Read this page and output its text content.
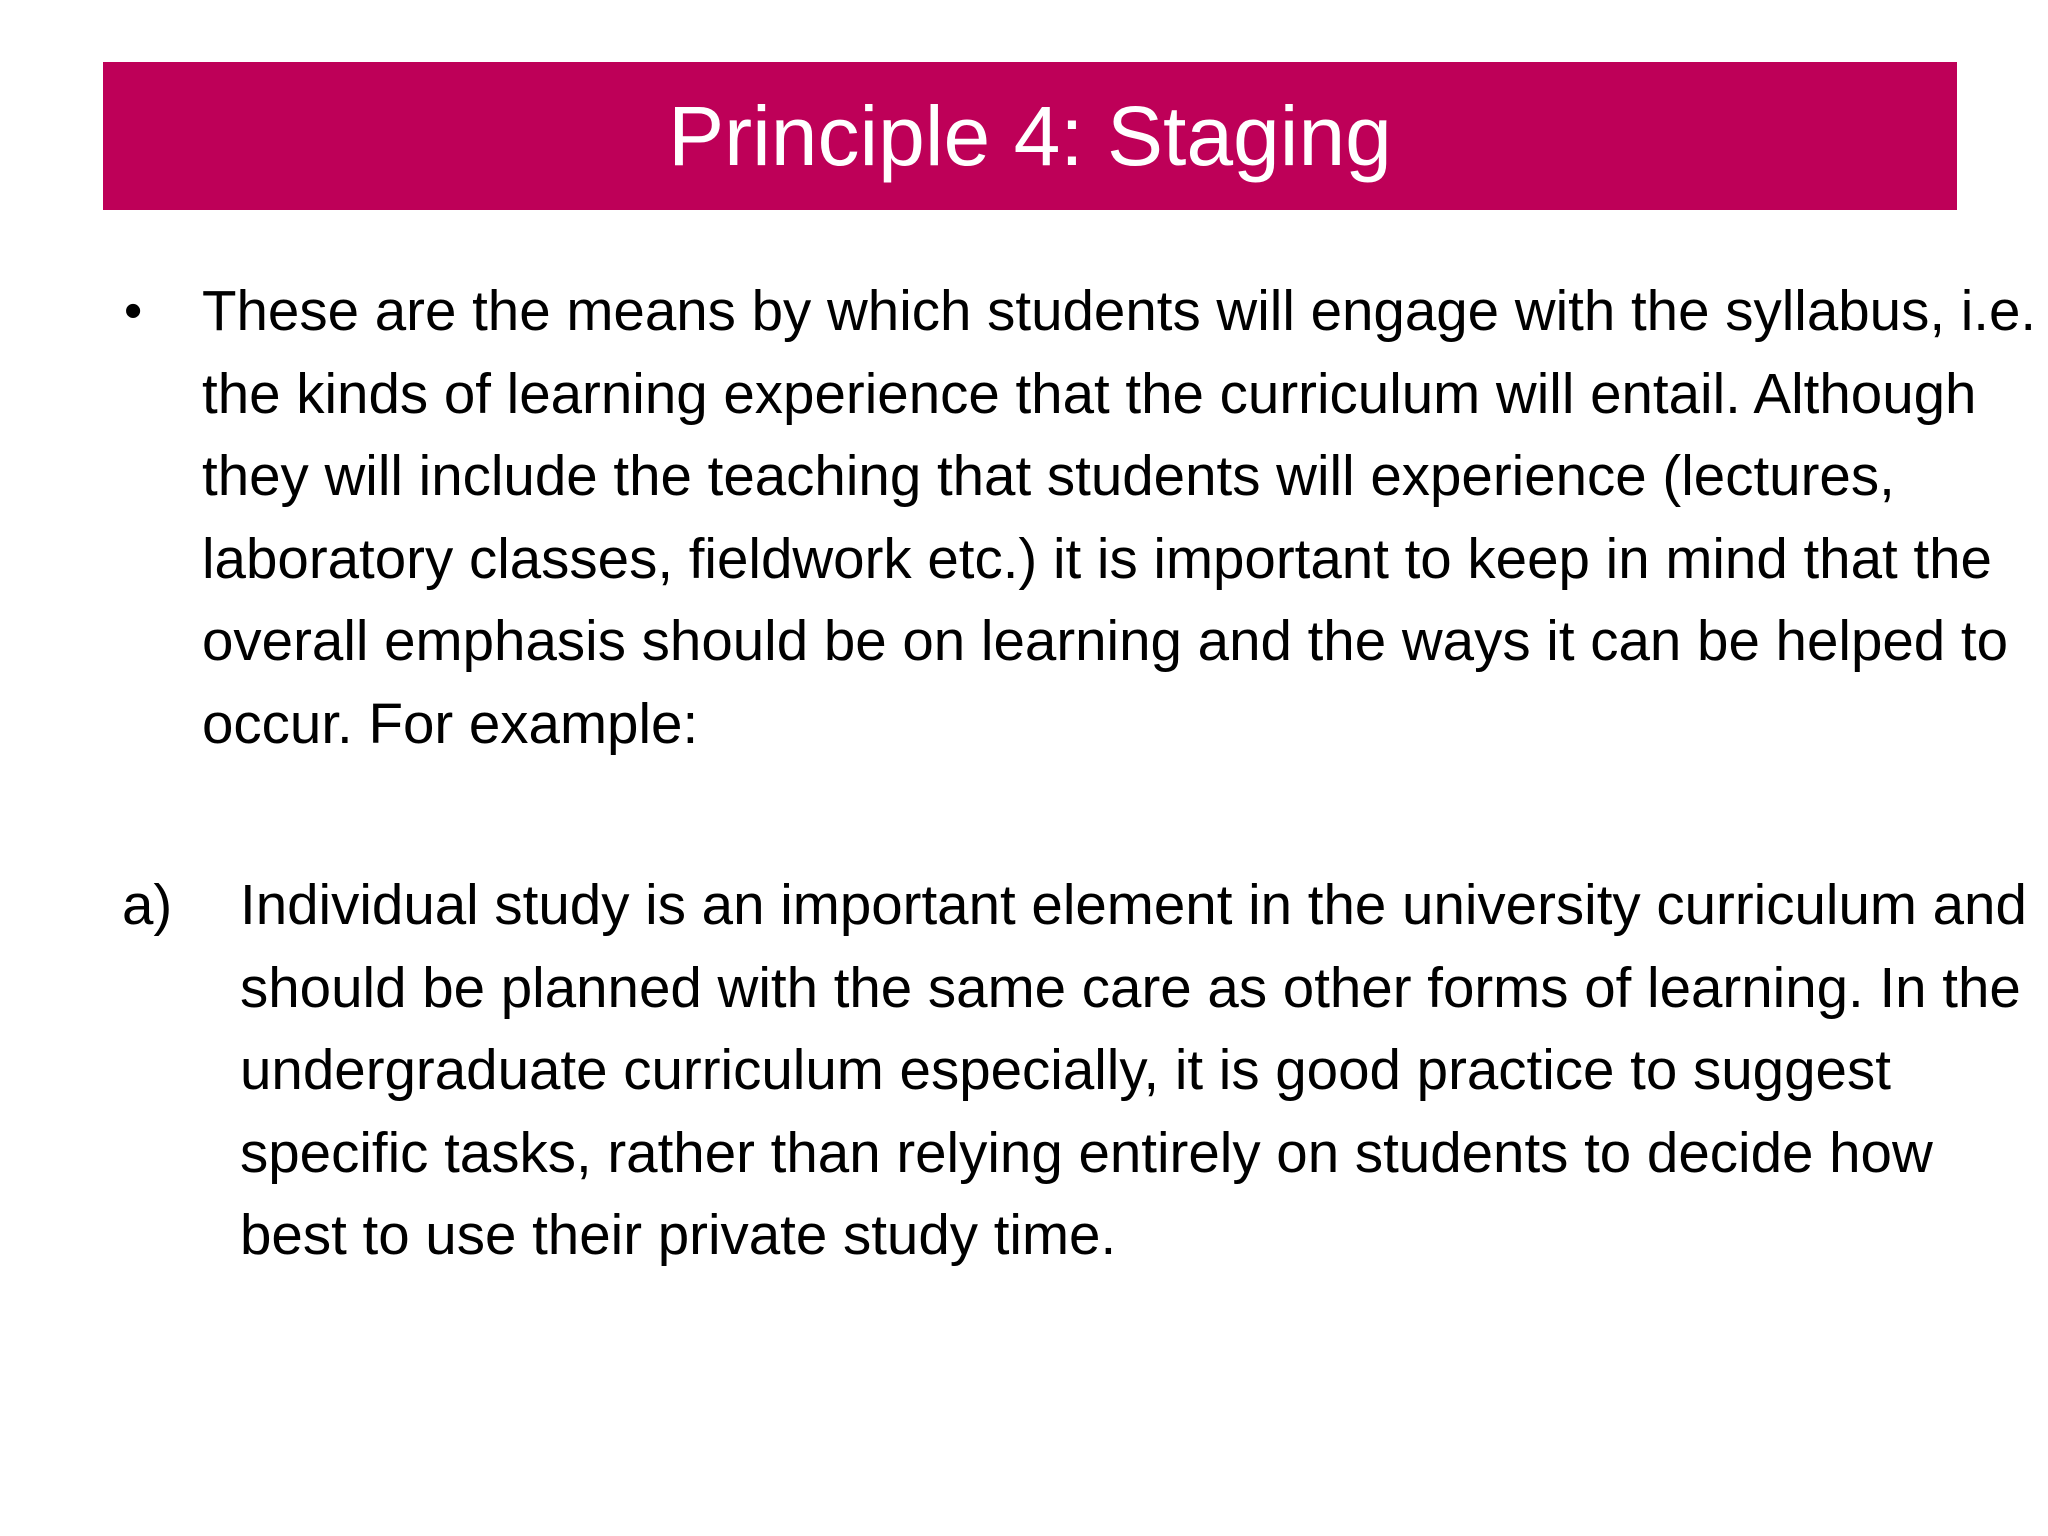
Principle 4: Staging
• These are the means by which students will engage with the syllabus, i.e. the kinds of learning experience that the curriculum will entail. Although they will include the teaching that students will experience (lectures, laboratory classes, fieldwork etc.) it is important to keep in mind that the overall emphasis should be on learning and the ways it can be helped to occur. For example:

a) Individual study is an important element in the university curriculum and should be planned with the same care as other forms of learning. In the undergraduate curriculum especially, it is good practice to suggest specific tasks, rather than relying entirely on students to decide how best to use their private study time.
